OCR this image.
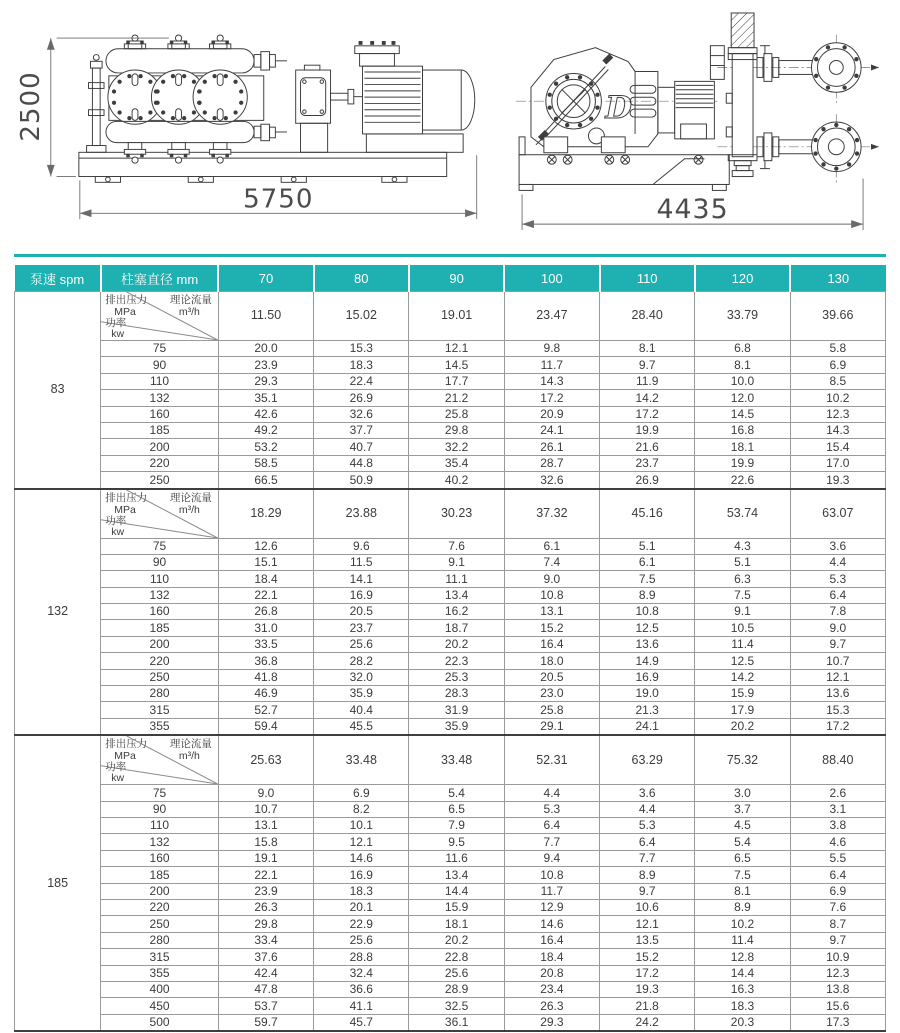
2500
5750
D
4435
泵速 spm	柱塞直径 mm	70	80	90	100	110	120	130
83	
排出压力
MPa
理论流量
m³/h
功率
kw
	11.50	15.02	19.01	23.47	28.40	33.79	39.66
	75	20.0	15.3	12.1	9.8	8.1	6.8	5.8
	90	23.9	18.3	14.5	11.7	9.7	8.1	6.9
	110	29.3	22.4	17.7	14.3	11.9	10.0	8.5
	132	35.1	26.9	21.2	17.2	14.2	12.0	10.2
	160	42.6	32.6	25.8	20.9	17.2	14.5	12.3
	185	49.2	37.7	29.8	24.1	19.9	16.8	14.3
	200	53.2	40.7	32.2	26.1	21.6	18.1	15.4
	220	58.5	44.8	35.4	28.7	23.7	19.9	17.0
	250	66.5	50.9	40.2	32.6	26.9	22.6	19.3
132	
排出压力
MPa
理论流量
m³/h
功率
kw
	18.29	23.88	30.23	37.32	45.16	53.74	63.07
	75	12.6	9.6	7.6	6.1	5.1	4.3	3.6
	90	15.1	11.5	9.1	7.4	6.1	5.1	4.4
	110	18.4	14.1	11.1	9.0	7.5	6.3	5.3
	132	22.1	16.9	13.4	10.8	8.9	7.5	6.4
	160	26.8	20.5	16.2	13.1	10.8	9.1	7.8
	185	31.0	23.7	18.7	15.2	12.5	10.5	9.0
	200	33.5	25.6	20.2	16.4	13.6	11.4	9.7
	220	36.8	28.2	22.3	18.0	14.9	12.5	10.7
	250	41.8	32.0	25.3	20.5	16.9	14.2	12.1
	280	46.9	35.9	28.3	23.0	19.0	15.9	13.6
	315	52.7	40.4	31.9	25.8	21.3	17.9	15.3
	355	59.4	45.5	35.9	29.1	24.1	20.2	17.2
185	
排出压力
MPa
理论流量
m³/h
功率
kw
	25.63	33.48	33.48	52.31	63.29	75.32	88.40
	75	9.0	6.9	5.4	4.4	3.6	3.0	2.6
	90	10.7	8.2	6.5	5.3	4.4	3.7	3.1
	110	13.1	10.1	7.9	6.4	5.3	4.5	3.8
	132	15.8	12.1	9.5	7.7	6.4	5.4	4.6
	160	19.1	14.6	11.6	9.4	7.7	6.5	5.5
	185	22.1	16.9	13.4	10.8	8.9	7.5	6.4
	200	23.9	18.3	14.4	11.7	9.7	8.1	6.9
	220	26.3	20.1	15.9	12.9	10.6	8.9	7.6
	250	29.8	22.9	18.1	14.6	12.1	10.2	8.7
	280	33.4	25.6	20.2	16.4	13.5	11.4	9.7
	315	37.6	28.8	22.8	18.4	15.2	12.8	10.9
	355	42.4	32.4	25.6	20.8	17.2	14.4	12.3
	400	47.8	36.6	28.9	23.4	19.3	16.3	13.8
	450	53.7	41.1	32.5	26.3	21.8	18.3	15.6
	500	59.7	45.7	36.1	29.3	24.2	20.3	17.3
